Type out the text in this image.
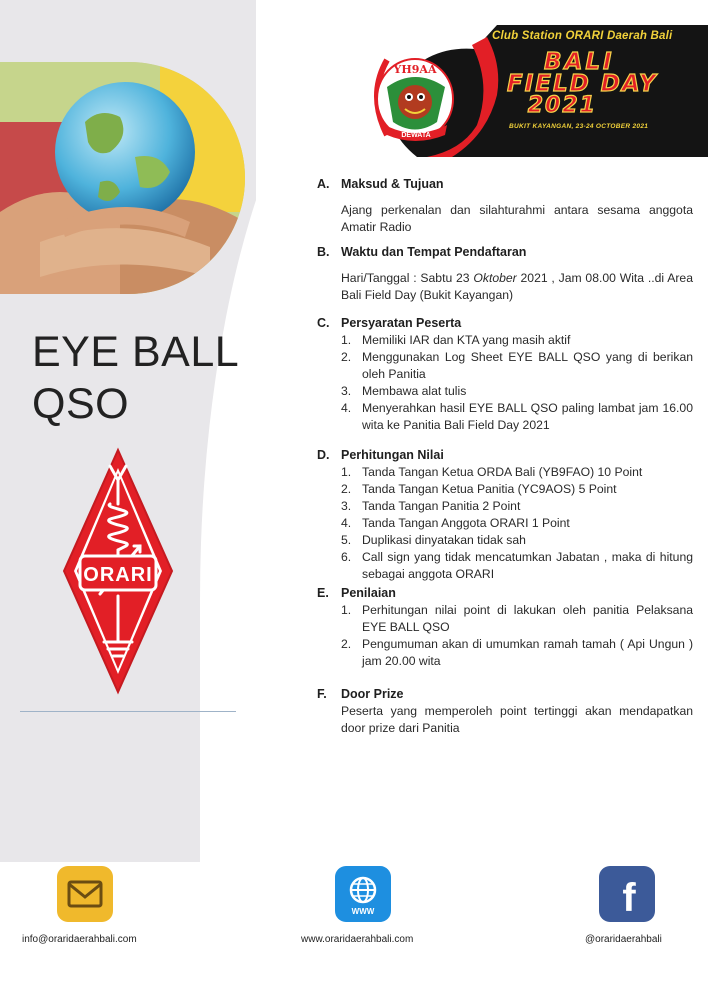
EYE BALL
QSO
ORARI
Club Station ORARI Daerah Bali
YH9AA
DEWATA
BALI
FIELD DAY
2021
BUKIT KAYANGAN, 23-24 OCTOBER 2021
A. Maksud & Tujuan
Ajang perkenalan dan silahturahmi antara sesama anggota Amatir Radio
B. Waktu dan Tempat Pendaftaran
Hari/Tanggal : Sabtu 23 Oktober 2021 , Jam 08.00 Wita ..di Area Bali Field Day (Bukit Kayangan)
C. Persyaratan Peserta
1. Memiliki IAR dan KTA yang masih aktif
2. Menggunakan Log Sheet EYE BALL QSO yang di berikan oleh Panitia
3. Membawa alat tulis
4. Menyerahkan hasil EYE BALL QSO paling lambat jam 16.00 wita ke Panitia Bali Field Day 2021
D. Perhitungan Nilai
1. Tanda Tangan Ketua ORDA Bali (YB9FAO) 10 Point
2. Tanda Tangan Ketua Panitia (YC9AOS) 5 Point
3. Tanda Tangan Panitia 2 Point
4. Tanda Tangan Anggota ORARI 1 Point
5. Duplikasi dinyatakan tidak sah
6. Call sign yang tidak mencatumkan Jabatan , maka di hitung sebagai anggota ORARI
E. Penilaian
1. Perhitungan nilai point di lakukan oleh panitia Pelaksana EYE BALL QSO
2. Pengumuman akan di umumkan ramah tamah ( Api Ungun ) jam 20.00 wita
F.	Door Prize
Peserta yang memperoleh point tertinggi akan mendapatkan door prize dari Panitia
info@oraridaerahbali.com
WWW
www.oraridaerahbali.com
f
@oraridaerahbali
